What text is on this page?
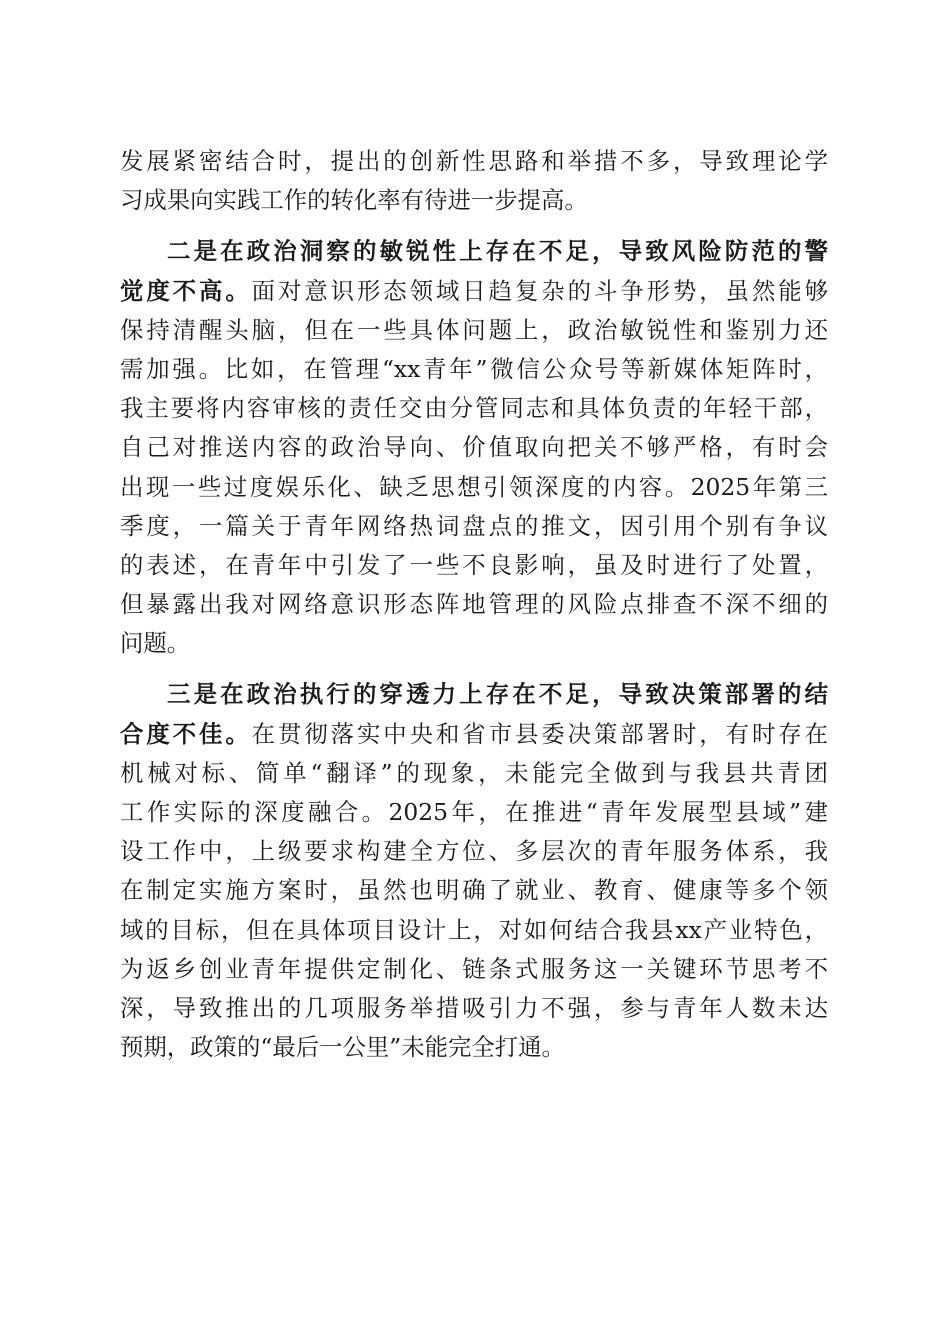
发展紧密结合时，提出的创新性思路和举措不多，导致理论学
习成果向实践工作的转化率有待进一步提高。
二是在政治洞察的敏锐性上存在不足，导致风险防范的警
觉度不高。面对意识形态领域日趋复杂的斗争形势，虽然能够
保持清醒头脑，但在一些具体问题上，政治敏锐性和鉴别力还
需加强。比如，在管理“xx青年”微信公众号等新媒体矩阵时，
我主要将内容审核的责任交由分管同志和具体负责的年轻干部，
自己对推送内容的政治导向、价值取向把关不够严格，有时会
出现一些过度娱乐化、缺乏思想引领深度的内容。2025年第三
季度，一篇关于青年网络热词盘点的推文，因引用个别有争议
的表述，在青年中引发了一些不良影响，虽及时进行了处置，
但暴露出我对网络意识形态阵地管理的风险点排查不深不细的
问题。
三是在政治执行的穿透力上存在不足，导致决策部署的结
合度不佳。在贯彻落实中央和省市县委决策部署时，有时存在
机械对标、简单“翻译”的现象，未能完全做到与我县共青团
工作实际的深度融合。2025年，在推进“青年发展型县域”建
设工作中，上级要求构建全方位、多层次的青年服务体系，我
在制定实施方案时，虽然也明确了就业、教育、健康等多个领
域的目标，但在具体项目设计上，对如何结合我县xx产业特色，
为返乡创业青年提供定制化、链条式服务这一关键环节思考不
深，导致推出的几项服务举措吸引力不强，参与青年人数未达
预期，政策的“最后一公里”未能完全打通。
